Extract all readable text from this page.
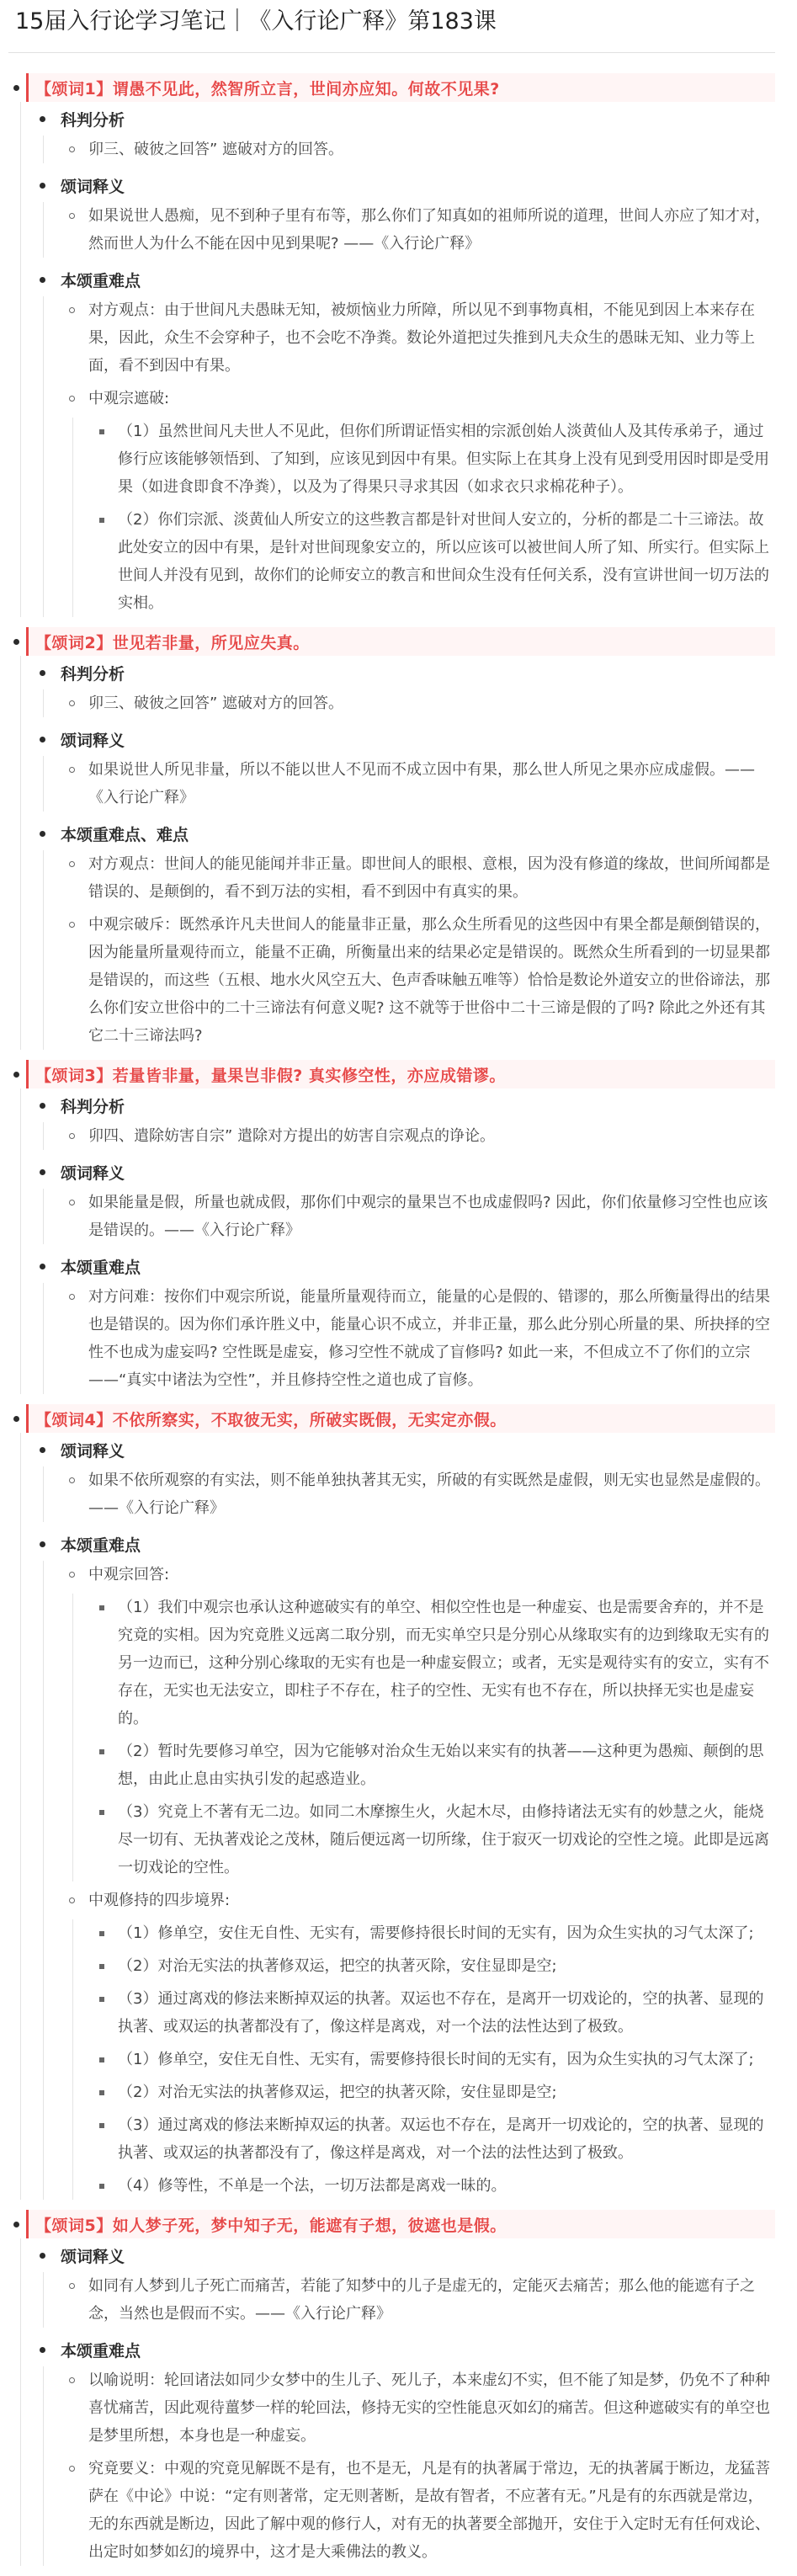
15届入行论学习笔记｜《入行论广释》第183课
【颂词1】谓愚不见此，然智所立言，世间亦应知。何故不见果?
科判分析
卯三、破彼之回答” 遮破对方的回答。
颂词释义
如果说世人愚痴，见不到种子里有布等，那么你们了知真如的祖师所说的道理，世间人亦应了知才对，然而世人为什么不能在因中见到果呢? ——《入行论广释》
本颂重难点
对方观点：由于世间凡夫愚昧无知，被烦恼业力所障，所以见不到事物真相，不能见到因上本来存在果，因此，众生不会穿种子，也不会吃不净粪。数论外道把过失推到凡夫众生的愚昧无知、业力等上面，看不到因中有果。
中观宗遮破:
（1）虽然世间凡夫世人不见此，但你们所谓证悟实相的宗派创始人淡黄仙人及其传承弟子，通过修行应该能够领悟到、了知到，应该见到因中有果。但实际上在其身上没有见到受用因时即是受用果（如进食即食不净粪），以及为了得果只寻求其因（如求衣只求棉花种子）。
（2）你们宗派、淡黄仙人所安立的这些教言都是针对世间人安立的，分析的都是二十三谛法。故此处安立的因中有果，是针对世间现象安立的，所以应该可以被世间人所了知、所实行。但实际上世间人并没有见到，故你们的论师安立的教言和世间众生没有任何关系，没有宣讲世间一切万法的实相。
【颂词2】世见若非量，所见应失真。
科判分析
卯三、破彼之回答” 遮破对方的回答。
颂词释义
如果说世人所见非量，所以不能以世人不见而不成立因中有果，那么世人所见之果亦应成虚假。——《入行论广释》
本颂重难点、难点
对方观点：世间人的能见能闻并非正量。即世间人的眼根、意根，因为没有修道的缘故，世间所闻都是错误的、是颠倒的，看不到万法的实相，看不到因中有真实的果。
中观宗破斥：既然承许凡夫世间人的能量非正量，那么众生所看见的这些因中有果全都是颠倒错误的，因为能量所量观待而立，能量不正确，所衡量出来的结果必定是错误的。既然众生所看到的一切显果都是错误的，而这些（五根、地水火风空五大、色声香味触五唯等）恰恰是数论外道安立的世俗谛法，那么你们安立世俗中的二十三谛法有何意义呢? 这不就等于世俗中二十三谛是假的了吗? 除此之外还有其它二十三谛法吗?
【颂词3】若量皆非量，量果岂非假? 真实修空性，亦应成错谬。
科判分析
卯四、遣除妨害自宗” 遣除对方提出的妨害自宗观点的诤论。
颂词释义
如果能量是假，所量也就成假，那你们中观宗的量果岂不也成虚假吗? 因此，你们依量修习空性也应该是错误的。——《入行论广释》
本颂重难点
对方问难：按你们中观宗所说，能量所量观待而立，能量的心是假的、错谬的，那么所衡量得出的结果也是错误的。因为你们承许胜义中，能量心识不成立，并非正量，那么此分别心所量的果、所抉择的空性不也成为虚妄吗? 空性既是虚妄，修习空性不就成了盲修吗? 如此一来，不但成立不了你们的立宗——“真实中诸法为空性”，并且修持空性之道也成了盲修。
【颂词4】不依所察实，不取彼无实，所破实既假，无实定亦假。
颂词释义
如果不依所观察的有实法，则不能单独执著其无实，所破的有实既然是虚假，则无实也显然是虚假的。——《入行论广释》
本颂重难点
中观宗回答:
（1）我们中观宗也承认这种遮破实有的单空、相似空性也是一种虚妄、也是需要舍弃的，并不是究竟的实相。因为究竟胜义远离二取分别，而无实单空只是分别心从缘取实有的边到缘取无实有的另一边而已，这种分别心缘取的无实有也是一种虚妄假立；或者，无实是观待实有的安立，实有不存在，无实也无法安立，即柱子不存在，柱子的空性、无实有也不存在，所以抉择无实也是虚妄的。
（2）暂时先要修习单空，因为它能够对治众生无始以来实有的执著——这种更为愚痴、颠倒的思想，由此止息由实执引发的起惑造业。
（3）究竟上不著有无二边。如同二木摩擦生火，火起木尽，由修持诸法无实有的妙慧之火，能烧尽一切有、无执著戏论之茂林，随后便远离一切所缘，住于寂灭一切戏论的空性之境。此即是远离一切戏论的空性。
中观修持的四步境界:
（1）修单空，安住无自性、无实有，需要修持很长时间的无实有，因为众生实执的习气太深了;
（2）对治无实法的执著修双运，把空的执著灭除，安住显即是空;
（3）通过离戏的修法来断掉双运的执著。双运也不存在，是离开一切戏论的，空的执著、显现的执著、或双运的执著都没有了，像这样是离戏，对一个法的法性达到了极致。
（1）修单空，安住无自性、无实有，需要修持很长时间的无实有，因为众生实执的习气太深了;
（2）对治无实法的执著修双运，把空的执著灭除，安住显即是空;
（3）通过离戏的修法来断掉双运的执著。双运也不存在，是离开一切戏论的，空的执著、显现的执著、或双运的执著都没有了，像这样是离戏，对一个法的法性达到了极致。
（4）修等性，不单是一个法，一切万法都是离戏一昧的。
【颂词5】如人梦子死，梦中知子无，能遮有子想，彼遮也是假。
颂词释义
如同有人梦到儿子死亡而痛苦，若能了知梦中的儿子是虚无的，定能灭去痛苦；那么他的能遮有子之念，当然也是假而不实。——《入行论广释》
本颂重难点
以喻说明：轮回诸法如同少女梦中的生儿子、死儿子，本来虚幻不实，但不能了知是梦，仍免不了种种喜忧痛苦，因此观待薑梦一样的轮回法，修持无实的空性能息灭如幻的痛苦。但这种遮破实有的单空也是梦里所想，本身也是一种虚妄。
究竟要义：中观的究竟见解既不是有，也不是无，凡是有的执著属于常边，无的执著属于断边，龙猛菩萨在《中论》中说：“定有则著常，定无则著断，是故有智者，不应著有无。”凡是有的东西就是常边，无的东西就是断边，因此了解中观的修行人，对有无的执著要全部抛开，安住于入定时无有任何戏论、出定时如梦如幻的境界中，这才是大乘佛法的教义。
